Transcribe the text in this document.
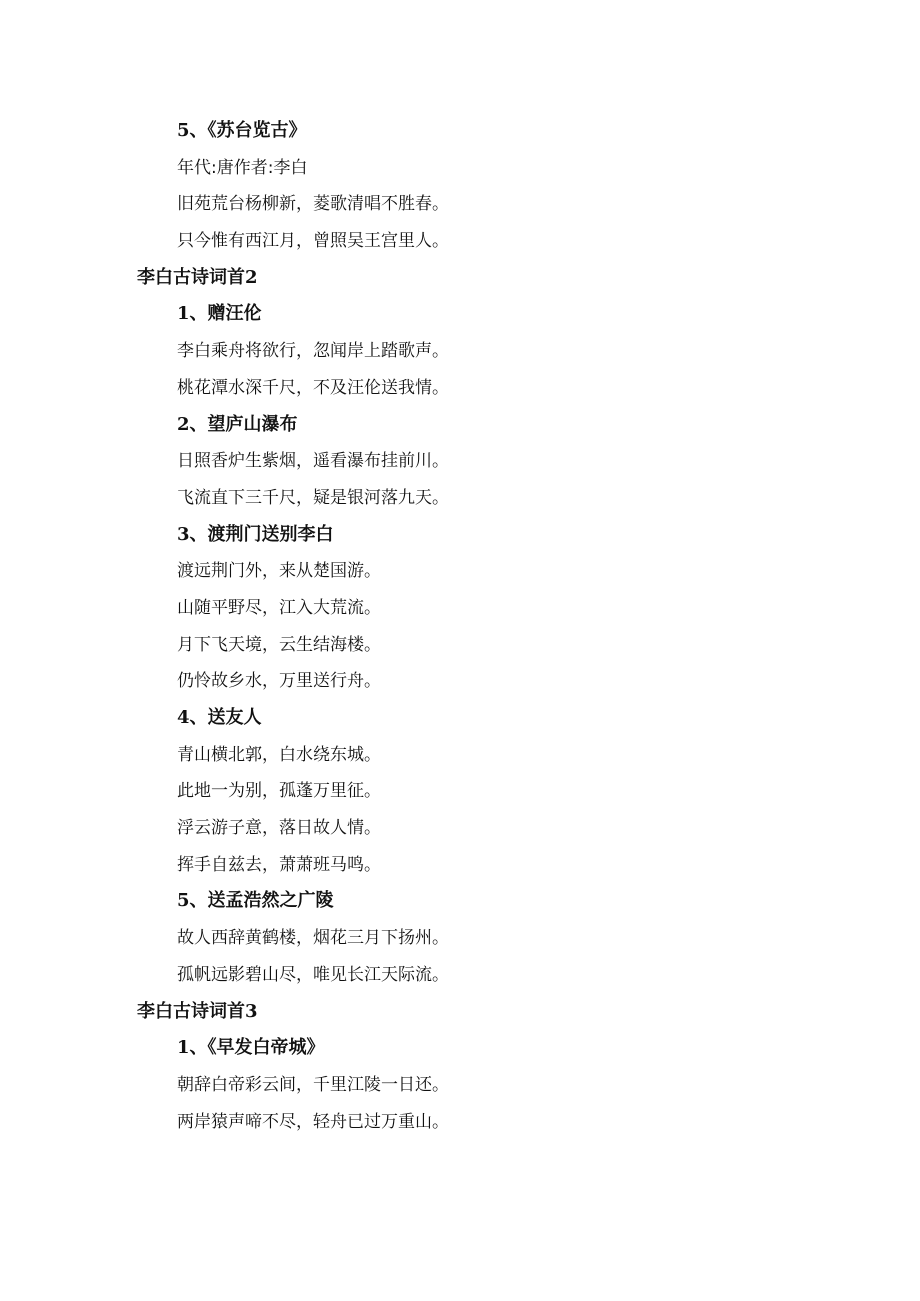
5、《苏台览古》
年代:唐作者:李白
旧苑荒台杨柳新，菱歌清唱不胜春。
只今惟有西江月，曾照吴王宫里人。
李白古诗词首2
1、赠汪伦
李白乘舟将欲行，忽闻岸上踏歌声。
桃花潭水深千尺，不及汪伦送我情。
2、望庐山瀑布
日照香炉生紫烟，遥看瀑布挂前川。
飞流直下三千尺，疑是银河落九天。
3、渡荆门送别李白
渡远荆门外，来从楚国游。
山随平野尽，江入大荒流。
月下飞天境，云生结海楼。
仍怜故乡水，万里送行舟。
4、送友人
青山横北郭，白水绕东城。
此地一为别，孤蓬万里征。
浮云游子意，落日故人情。
挥手自兹去，萧萧班马鸣。
5、送孟浩然之广陵
故人西辞黄鹤楼，烟花三月下扬州。
孤帆远影碧山尽，唯见长江天际流。
李白古诗词首3
1、《早发白帝城》
朝辞白帝彩云间，千里江陵一日还。
两岸猿声啼不尽，轻舟已过万重山。
